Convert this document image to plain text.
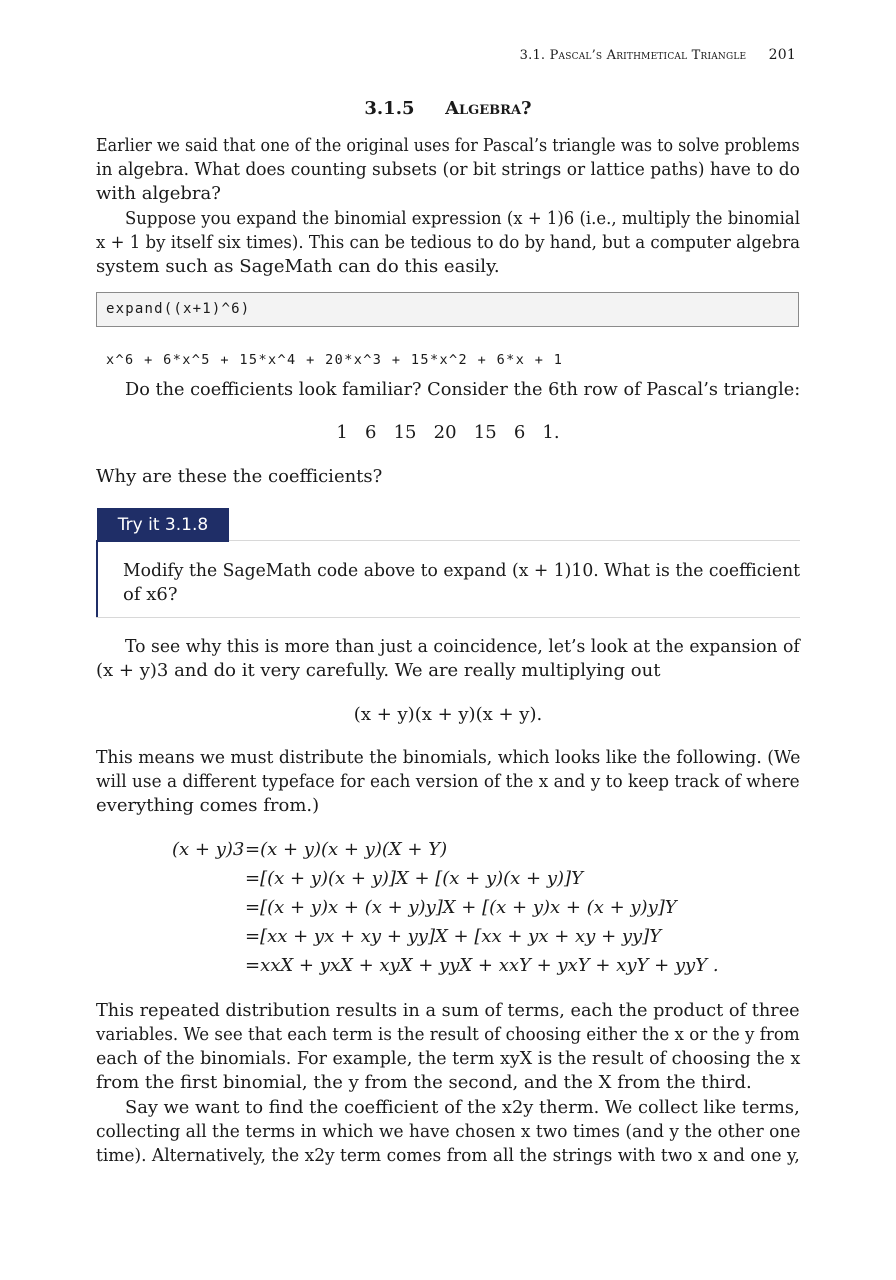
3.1. Pascal’s Arithmetical Triangle 201
3.1.5 Algebra?
Earlier we said that one of the original uses for Pascal’s triangle was to solve problems
in algebra. What does counting subsets (or bit strings or lattice paths) have to do
with algebra?
Suppose you expand the binomial expression (x + 1)6 (i.e., multiply the binomial
x + 1 by itself six times). This can be tedious to do by hand, but a computer algebra
system such as SageMath can do this easily.
expand((x+1)^6)
x^6 + 6*x^5 + 15*x^4 + 20*x^3 + 15*x^2 + 6*x + 1
Do the coefficients look familiar? Consider the 6th row of Pascal’s triangle:
1   6   15   20   15   6   1.
Why are these the coefficients?
Try it 3.1.8
Modify the SageMath code above to expand (x + 1)10. What is the coefficient
of x6?
To see why this is more than just a coincidence, let’s look at the expansion of
(x + y)3 and do it very carefully. We are really multiplying out
(x + y)(x + y)(x + y).
This means we must distribute the binomials, which looks like the following. (We
will use a different typeface for each version of the x and y to keep track of where
everything comes from.)
(x + y)3 =(x + y)(x + y)(X + Y)
=[(x + y)(x + y)]X + [(x + y)(x + y)]Y
=[(x + y)x + (x + y)y]X + [(x + y)x + (x + y)y]Y
=[xx + yx + xy + yy]X + [xx + yx + xy + yy]Y
=xxX + yxX + xyX + yyX + xxY + yxY + xyY + yyY .
This repeated distribution results in a sum of terms, each the product of three
variables. We see that each term is the result of choosing either the x or the y from
each of the binomials. For example, the term xyX is the result of choosing the x
from the first binomial, the y from the second, and the X from the third.
Say we want to find the coefficient of the x2y therm. We collect like terms,
collecting all the terms in which we have chosen x two times (and y the other one
time). Alternatively, the x2y term comes from all the strings with two x and one y,
